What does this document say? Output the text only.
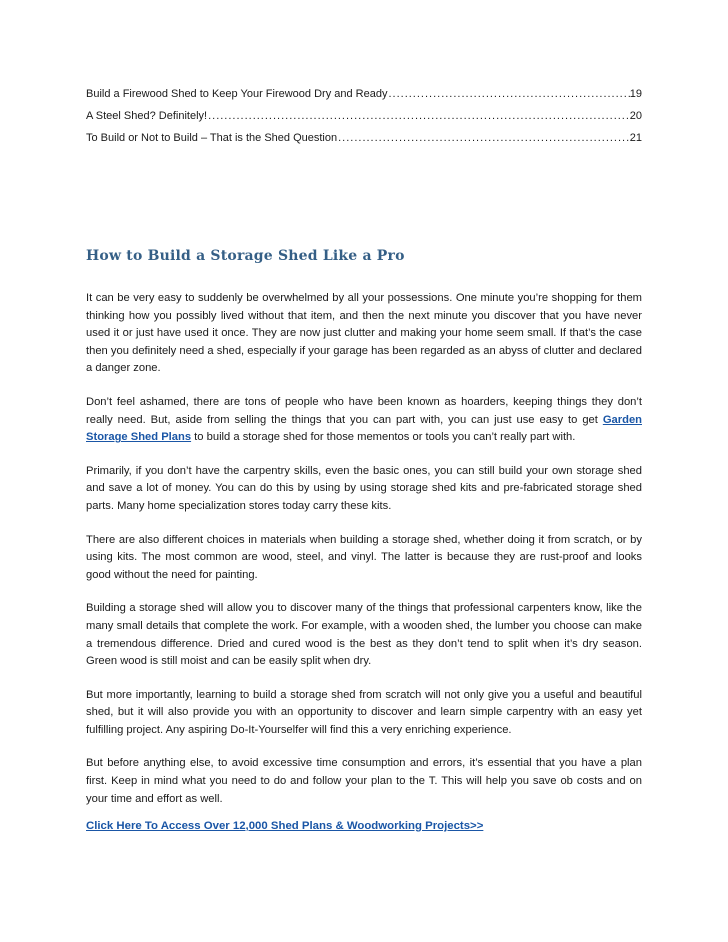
Build a Firewood Shed to Keep Your Firewood Dry and Ready .....	19
A Steel Shed? Definitely! .....	20
To Build or Not to Build – That is the Shed Question .....	21
How to Build a Storage Shed Like a Pro

It can be very easy to suddenly be overwhelmed by all your possessions. One minute you’re shopping for them thinking how you possibly lived without that item, and then the next minute you discover that you have never used it or just have used it once. They are now just clutter and making your home seem small. If that’s the case then you definitely need a shed, especially if your garage has been regarded as an abyss of clutter and declared a danger zone.

Don’t feel ashamed, there are tons of people who have been known as hoarders, keeping things they don’t really need. But, aside from selling the things that you can part with, you can just use easy to get Garden Storage Shed Plans to build a storage shed for those mementos or tools you can’t really part with.

Primarily, if you don’t have the carpentry skills, even the basic ones, you can still build your own storage shed and save a lot of money. You can do this by using by using storage shed kits and pre-fabricated storage shed parts. Many home specialization stores today carry these kits.

There are also different choices in materials when building a storage shed, whether doing it from scratch, or by using kits. The most common are wood, steel, and vinyl. The latter is because they are rust-proof and looks good without the need for painting.

Building a storage shed will allow you to discover many of the things that professional carpenters know, like the many small details that complete the work. For example, with a wooden shed, the lumber you choose can make a tremendous difference. Dried and cured wood is the best as they don’t tend to split when it’s dry season. Green wood is still moist and can be easily split when dry.

But more importantly, learning to build a storage shed from scratch will not only give you a useful and beautiful shed, but it will also provide you with an opportunity to discover and learn simple carpentry with an easy yet fulfilling project. Any aspiring Do-It-Yourselfer will find this a very enriching experience.

But before anything else, to avoid excessive time consumption and errors, it’s essential that you have a plan first. Keep in mind what you need to do and follow your plan to the T. This will help you save ob costs and on your time and effort as well.

Click Here To Access Over 12,000 Shed Plans & Woodworking Projects>>
